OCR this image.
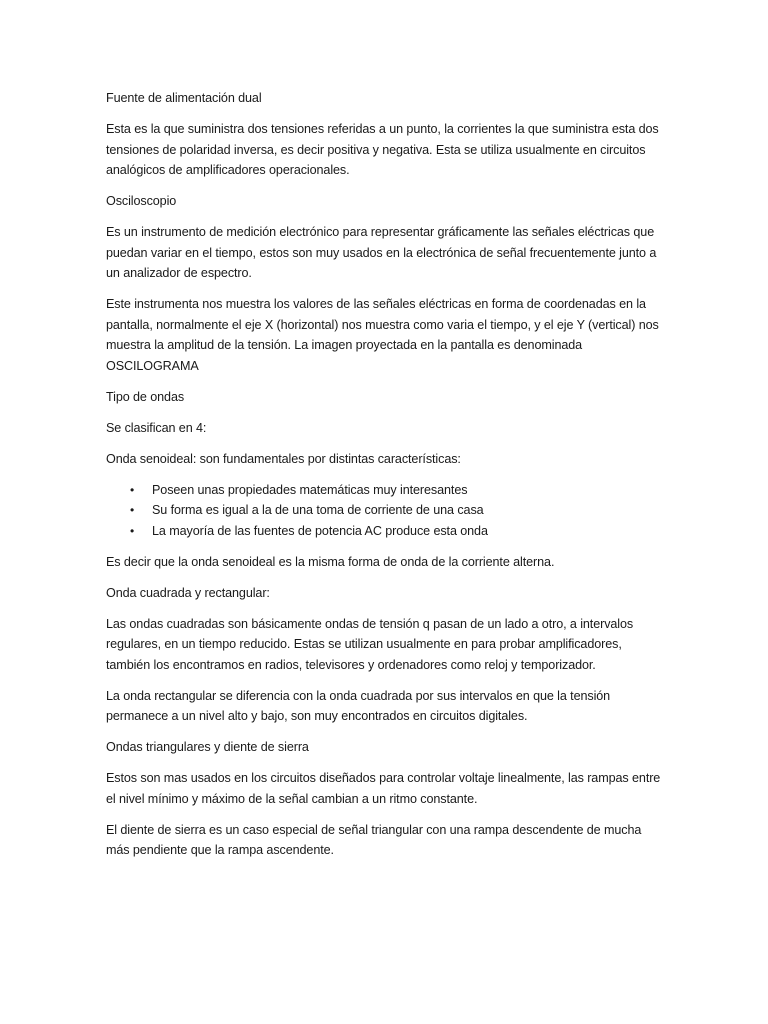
Fuente de alimentación dual

Esta es la que suministra dos tensiones referidas a un punto, la corrientes la que suministra esta dos tensiones de polaridad inversa, es decir positiva y negativa. Esta se utiliza usualmente en circuitos analógicos de amplificadores operacionales.

Osciloscopio

Es un instrumento de medición electrónico para representar gráficamente las señales eléctricas que puedan variar en el tiempo, estos son muy usados en la electrónica de señal frecuentemente junto a un analizador de espectro.

Este instrumenta nos muestra los valores de las señales eléctricas en forma de coordenadas en la pantalla, normalmente el eje X (horizontal) nos muestra como varia el tiempo, y el eje Y (vertical) nos muestra la amplitud de la tensión. La imagen proyectada en la pantalla es denominada OSCILOGRAMA

Tipo de ondas

Se clasifican en 4:

Onda senoideal: son fundamentales por distintas características:

• Poseen unas propiedades matemáticas muy interesantes
• Su forma es igual a la de una toma de corriente de una casa
• La mayoría de las fuentes de potencia AC produce esta onda

Es decir que la onda senoideal es la misma forma de onda de la corriente alterna.

Onda cuadrada y rectangular:

Las ondas cuadradas son básicamente ondas de tensión q pasan de un lado a otro, a intervalos regulares, en un tiempo reducido. Estas se utilizan usualmente en para probar amplificadores, también los encontramos en radios, televisores y ordenadores como reloj y temporizador.

La onda rectangular se diferencia con la onda cuadrada por sus intervalos en que la tensión permanece a un nivel alto y bajo, son muy encontrados en circuitos digitales.

Ondas triangulares y diente de sierra

Estos son mas usados en los circuitos diseñados para controlar voltaje linealmente, las rampas entre el nivel mínimo y máximo de la señal cambian a un ritmo constante.

El diente de sierra es un caso especial de señal triangular con una rampa descendente de mucha más pendiente que la rampa ascendente.
